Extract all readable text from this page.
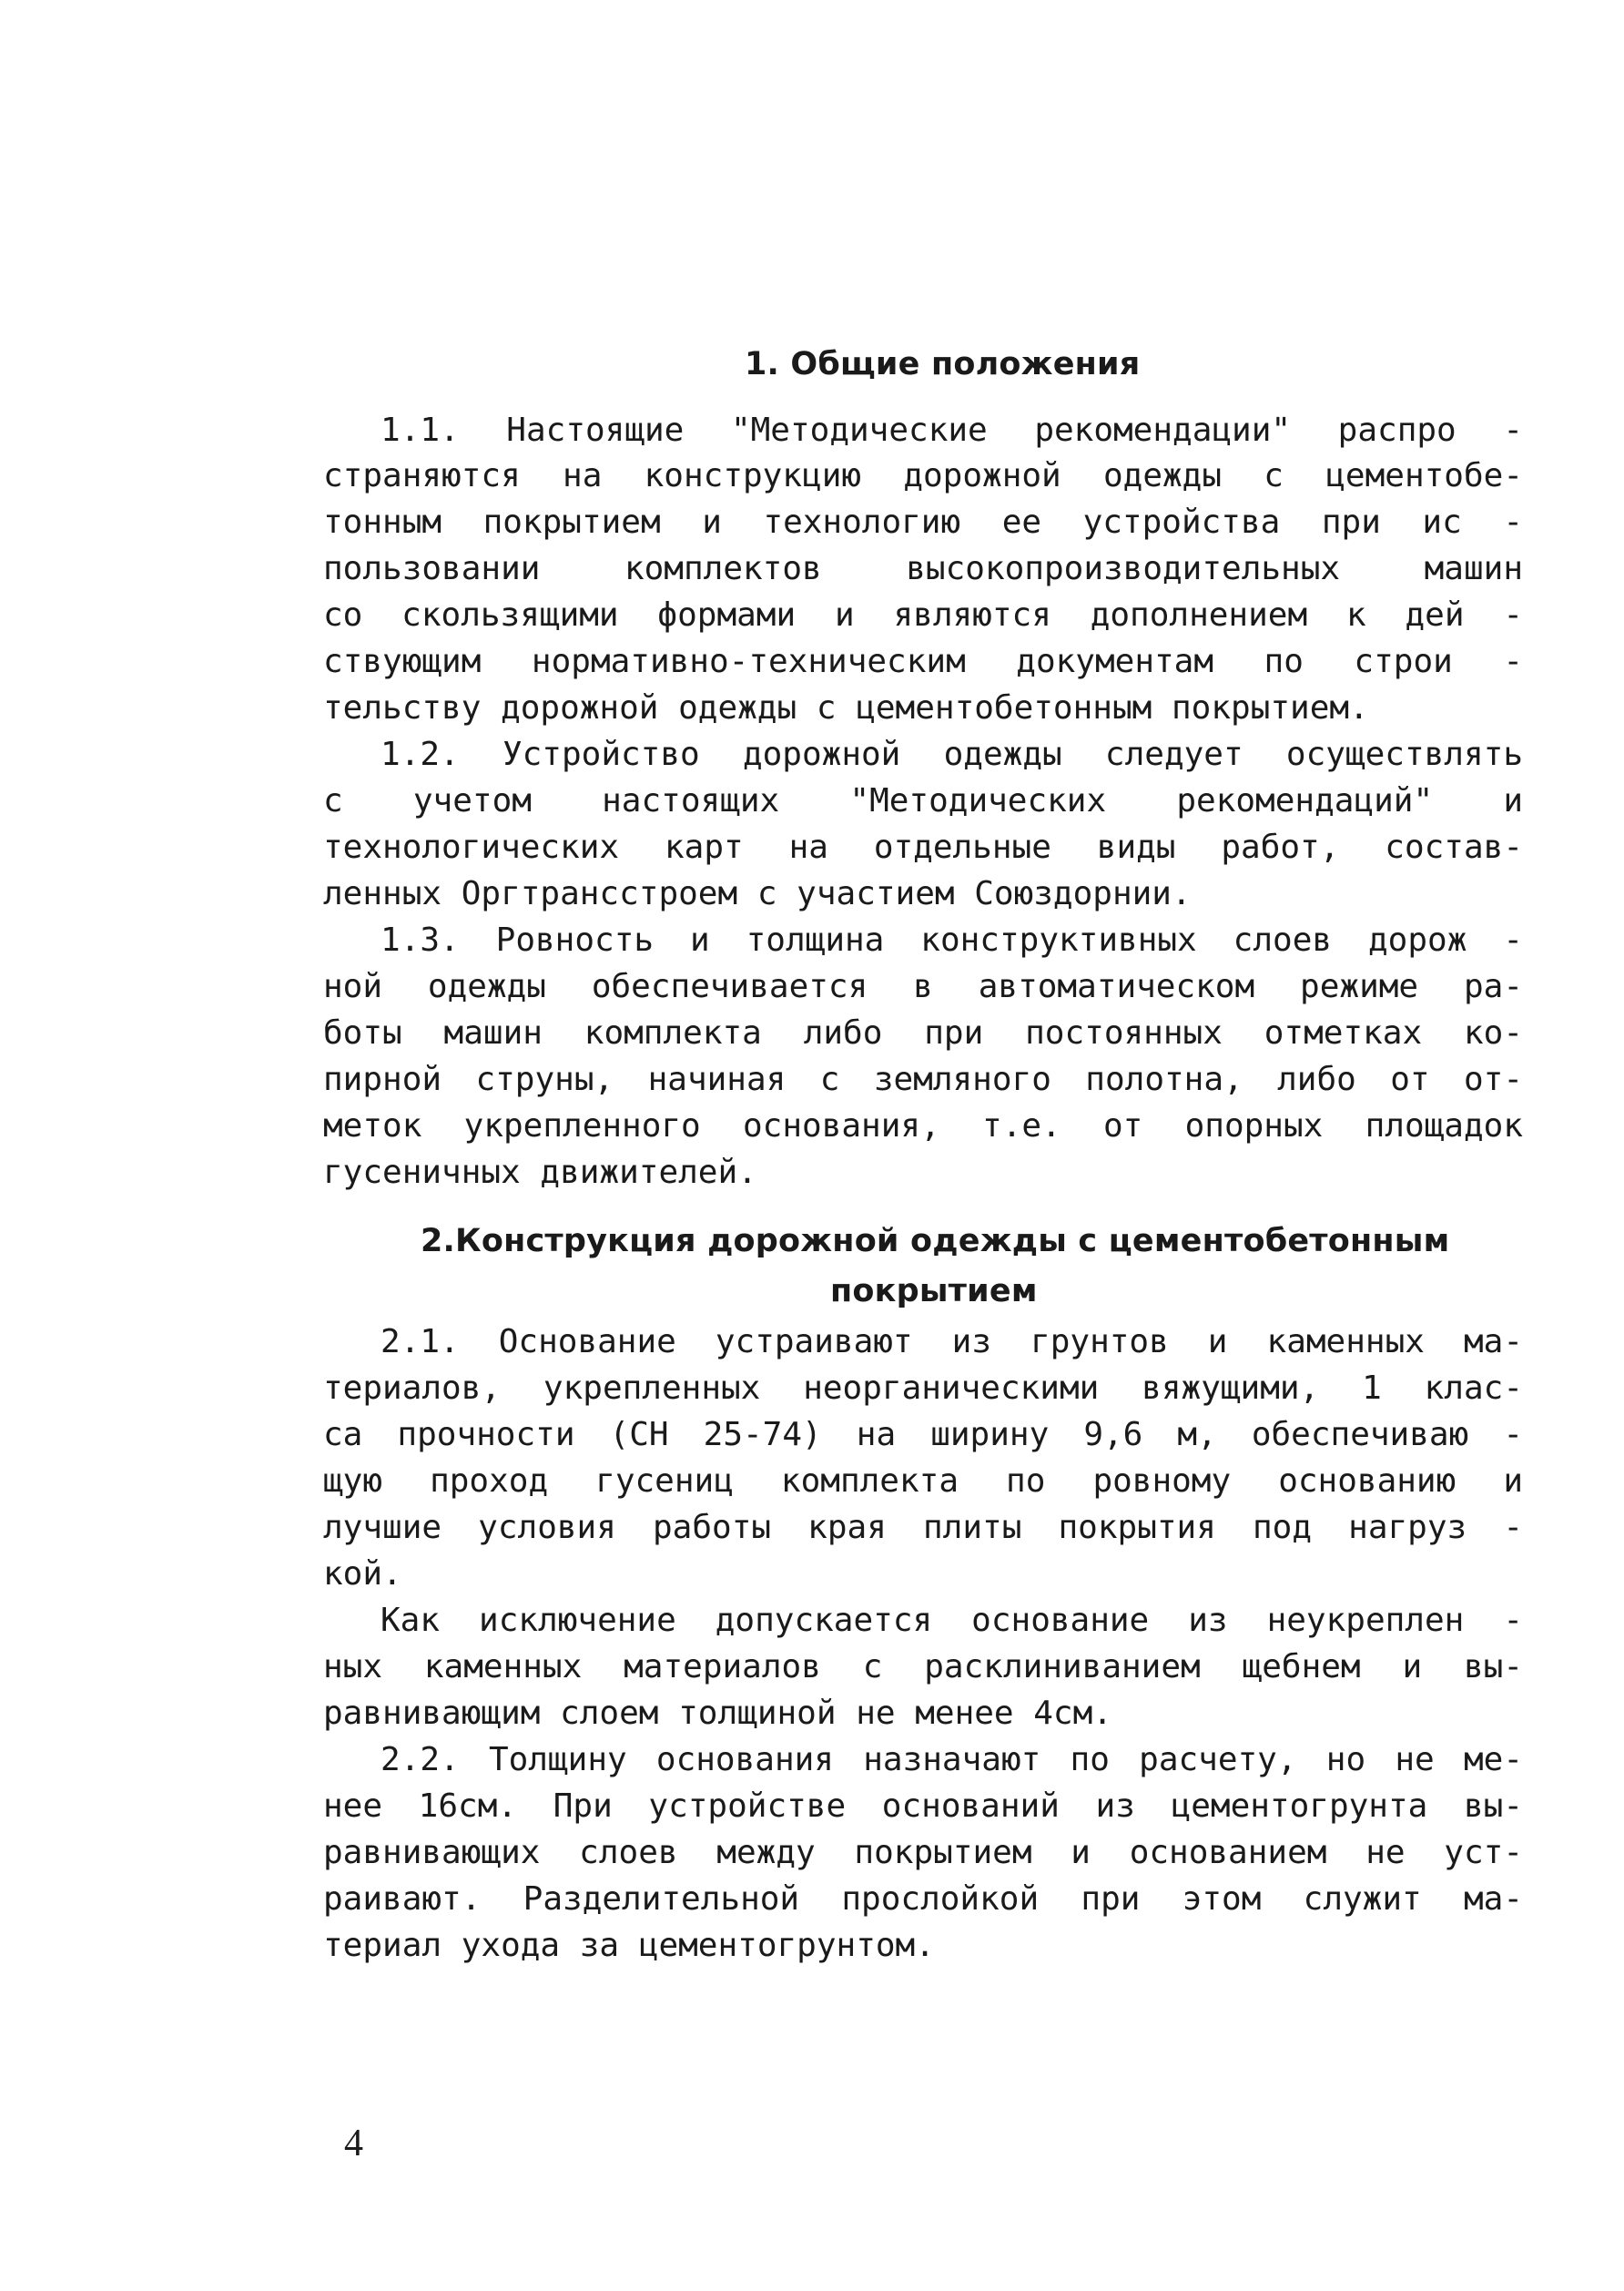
1. Общие положения
1.1. Настоящие "Методические рекомендации" распро -
страняются на конструкцию дорожной одежды с цементобе-
тонным покрытием и технологию ее устройства при ис -
пользовании комплектов высокопроизводительных машин
со скользящими формами и являются дополнением к дей -
ствующим нормативно-техническим документам по строи -
тельству дорожной одежды с цементобетонным покрытием.
1.2. Устройство дорожной одежды следует осуществлять
с учетом настоящих "Методических рекомендаций" и
технологических карт на отдельные виды работ, состав-
ленных Оргтрансстроем с участием Союздорнии.
1.3. Ровность и толщина конструктивных слоев дорож -
ной одежды обеспечивается в автоматическом режиме ра-
боты машин комплекта либо при постоянных отметках ко-
пирной струны, начиная с земляного полотна, либо от от-
меток укрепленного основания, т.е. от опорных площадок
гусеничных движителей.
2.Конструкция дорожной одежды с цементобетонным
покрытием
2.1. Основание устраивают из грунтов и каменных ма-
териалов, укрепленных неорганическими вяжущими, 1 клас-
са прочности (СН 25-74) на ширину 9,6 м, обеспечиваю -
щую проход гусениц комплекта по ровному основанию и
лучшие условия работы края плиты покрытия под нагруз -
кой.
Как исключение допускается основание из неукреплен -
ных каменных материалов с расклиниванием щебнем и вы-
равнивающим слоем толщиной не менее 4см.
2.2. Толщину основания назначают по расчету, но не ме-
нее 16см. При устройстве оснований из цементогрунта вы-
равнивающих слоев между покрытием и основанием не уст-
раивают. Разделительной прослойкой при этом служит ма-
териал ухода за цементогрунтом.
4
